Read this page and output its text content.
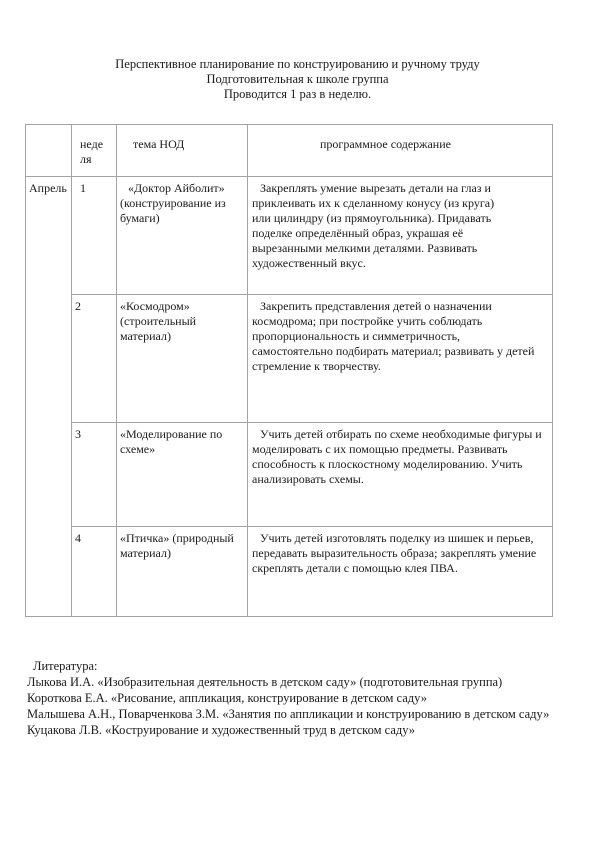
Перспективное планирование по конструированию и ручному труду
Подготовительная к школе группа
Проводится 1 раз в неделю.

	неде ля	тема НОД	программное содержание

Апрель	1	«Доктор Айболит» (конструирование из бумаги)	Закреплять умение вырезать детали на глаз и приклеивать их к сделанному конусу (из круга) или цилиндру (из прямоугольника). Придавать поделке определённый образ, украшая её вырезанными мелкими деталями. Развивать художественный вкус.

	2	«Космодром» (строительный материал)	Закрепить представления детей о назначении космодрома; при постройке учить соблюдать пропорциональность и симметричность, самостоятельно подбирать материал; развивать у детей стремление к творчеству.

	3	«Моделирование по схеме»	Учить детей отбирать по схеме необходимые фигуры и моделировать с их помощью предметы. Развивать способность к плоскостному моделированию. Учить анализировать схемы.

	4	«Птичка» (природный материал)	Учить детей изготовлять поделку из шишек и перьев, передавать выразительность образа; закреплять умение скреплять детали с помощью клея ПВА.
Литература:
Лыкова И.А. «Изобразительная деятельность в детском саду» (подготовительная группа)
Короткова Е.А. «Рисование, аппликация, конструирование в детском саду»
Малышева А.Н., Поварченкова З.М. «Занятия по аппликации и конструированию в детском саду»
Куцакова Л.В. «Коструирование и художественный труд в детском саду»
